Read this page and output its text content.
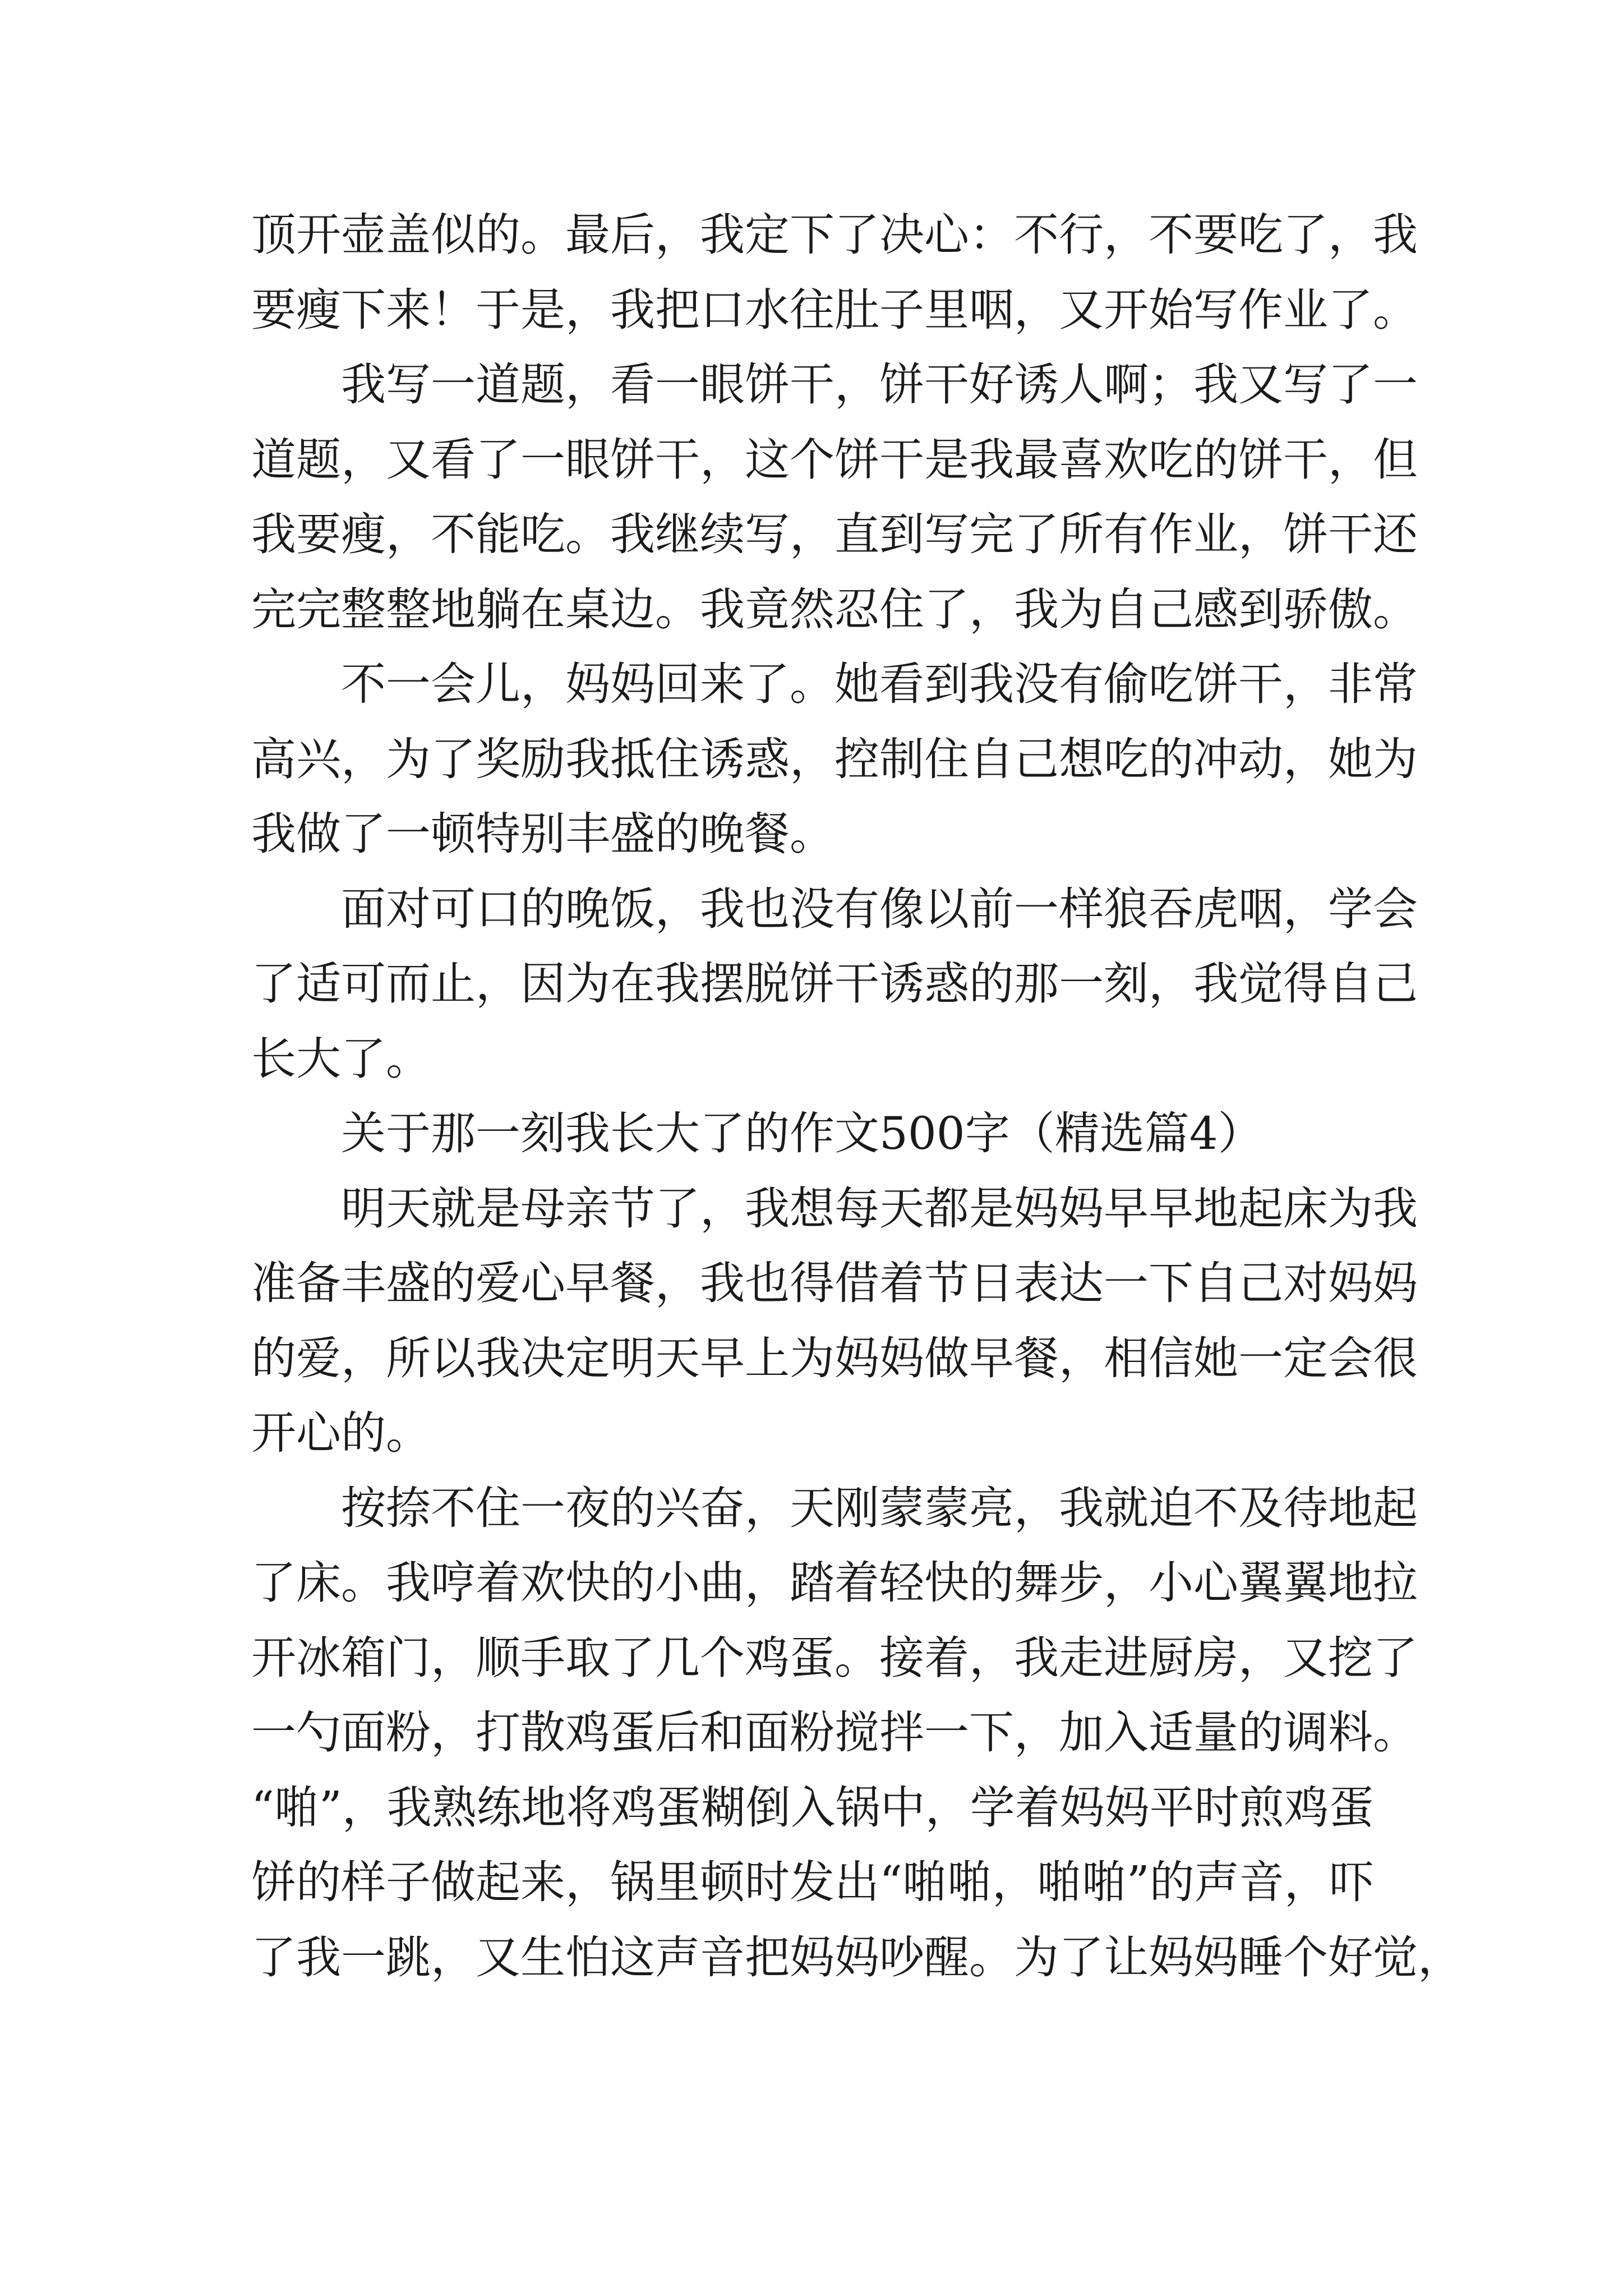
顶开壶盖似的。最后，我定下了决心：不行，不要吃了，我
要瘦下来！于是，我把口水往肚子里咽，又开始写作业了。
我写一道题，看一眼饼干，饼干好诱人啊；我又写了一
道题，又看了一眼饼干，这个饼干是我最喜欢吃的饼干，但
我要瘦，不能吃。我继续写，直到写完了所有作业，饼干还
完完整整地躺在桌边。我竟然忍住了，我为自己感到骄傲。
不一会儿，妈妈回来了。她看到我没有偷吃饼干，非常
高兴，为了奖励我抵住诱惑，控制住自己想吃的冲动，她为
我做了一顿特别丰盛的晚餐。
面对可口的晚饭，我也没有像以前一样狼吞虎咽，学会
了适可而止，因为在我摆脱饼干诱惑的那一刻，我觉得自己
长大了。
关于那一刻我长大了的作文500字（精选篇4）
明天就是母亲节了，我想每天都是妈妈早早地起床为我
准备丰盛的爱心早餐，我也得借着节日表达一下自己对妈妈
的爱，所以我决定明天早上为妈妈做早餐，相信她一定会很
开心的。
按捺不住一夜的兴奋，天刚蒙蒙亮，我就迫不及待地起
了床。我哼着欢快的小曲，踏着轻快的舞步，小心翼翼地拉
开冰箱门，顺手取了几个鸡蛋。接着，我走进厨房，又挖了
一勺面粉，打散鸡蛋后和面粉搅拌一下，加入适量的调料。
“啪”，我熟练地将鸡蛋糊倒入锅中，学着妈妈平时煎鸡蛋
饼的样子做起来，锅里顿时发出“啪啪，啪啪”的声音，吓
了我一跳，又生怕这声音把妈妈吵醒。为了让妈妈睡个好觉，
